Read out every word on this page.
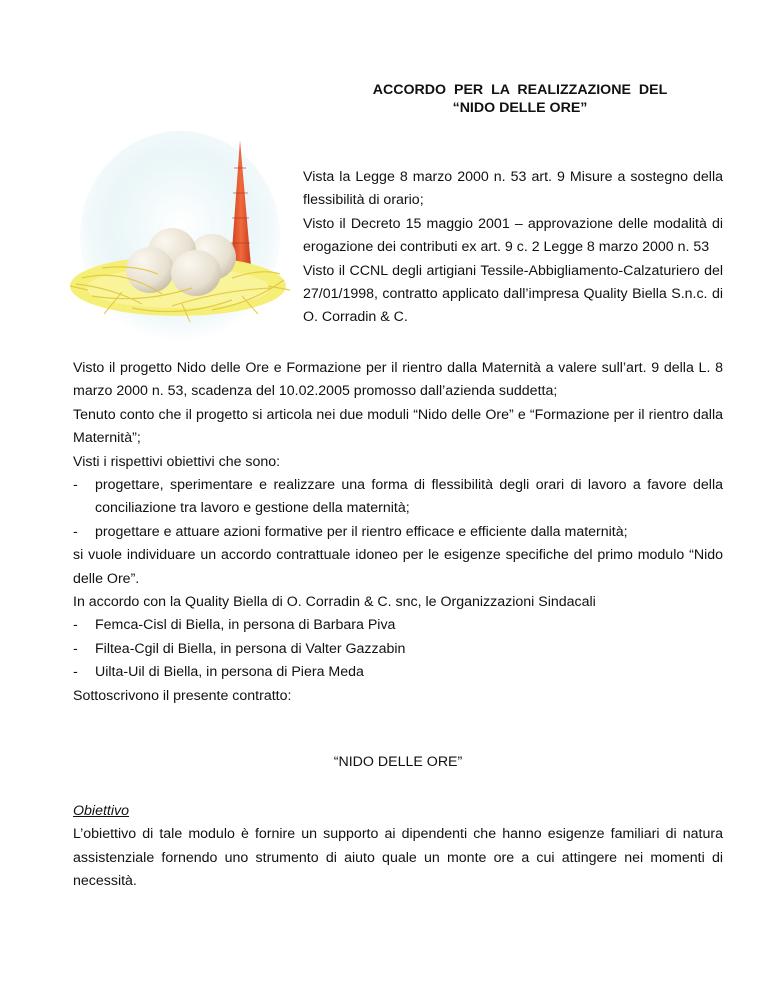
ACCORDO PER LA REALIZZAZIONE DEL
“NIDO DELLE ORE”

Vista la Legge 8 marzo 2000 n. 53 art. 9 Misure a sostegno della flessibilità di orario;

Visto il Decreto 15 maggio 2001 – approvazione delle modalità di erogazione dei contributi ex art. 9 c. 2 Legge 8 marzo 2000 n. 53

Visto il CCNL degli artigiani Tessile-Abbigliamento-Calzaturiero del 27/01/1998, contratto applicato dall’impresa Quality Biella S.n.c. di O. Corradin & C.

Visto il progetto Nido delle Ore e Formazione per il rientro dalla Maternità a valere sull’art. 9 della L. 8 marzo 2000 n. 53, scadenza del 10.02.2005 promosso dall’azienda suddetta;

Tenuto conto che il progetto si articola nei due moduli “Nido delle Ore” e “Formazione per il rientro dalla Maternità”;

Visti i rispettivi obiettivi che sono:

-	progettare, sperimentare e realizzare una forma di flessibilità degli orari di lavoro a favore della conciliazione tra lavoro e gestione della maternità;
-	progettare e attuare azioni formative per il rientro efficace e efficiente dalla maternità;

si vuole individuare un accordo contrattuale idoneo per le esigenze specifiche del primo modulo “Nido delle Ore”.

In accordo con la Quality Biella di O. Corradin & C. snc, le Organizzazioni Sindacali

-	Femca-Cisl di Biella, in persona di Barbara Piva
-	Filtea-Cgil di Biella, in persona di Valter Gazzabin
-	Uilta-Uil di Biella, in persona di Piera Meda

Sottoscrivono il presente contratto:

“NIDO DELLE ORE”

Obiettivo

L’obiettivo di tale modulo è fornire un supporto ai dipendenti che hanno esigenze familiari di natura assistenziale fornendo uno strumento di aiuto quale un monte ore a cui attingere nei momenti di necessità.
